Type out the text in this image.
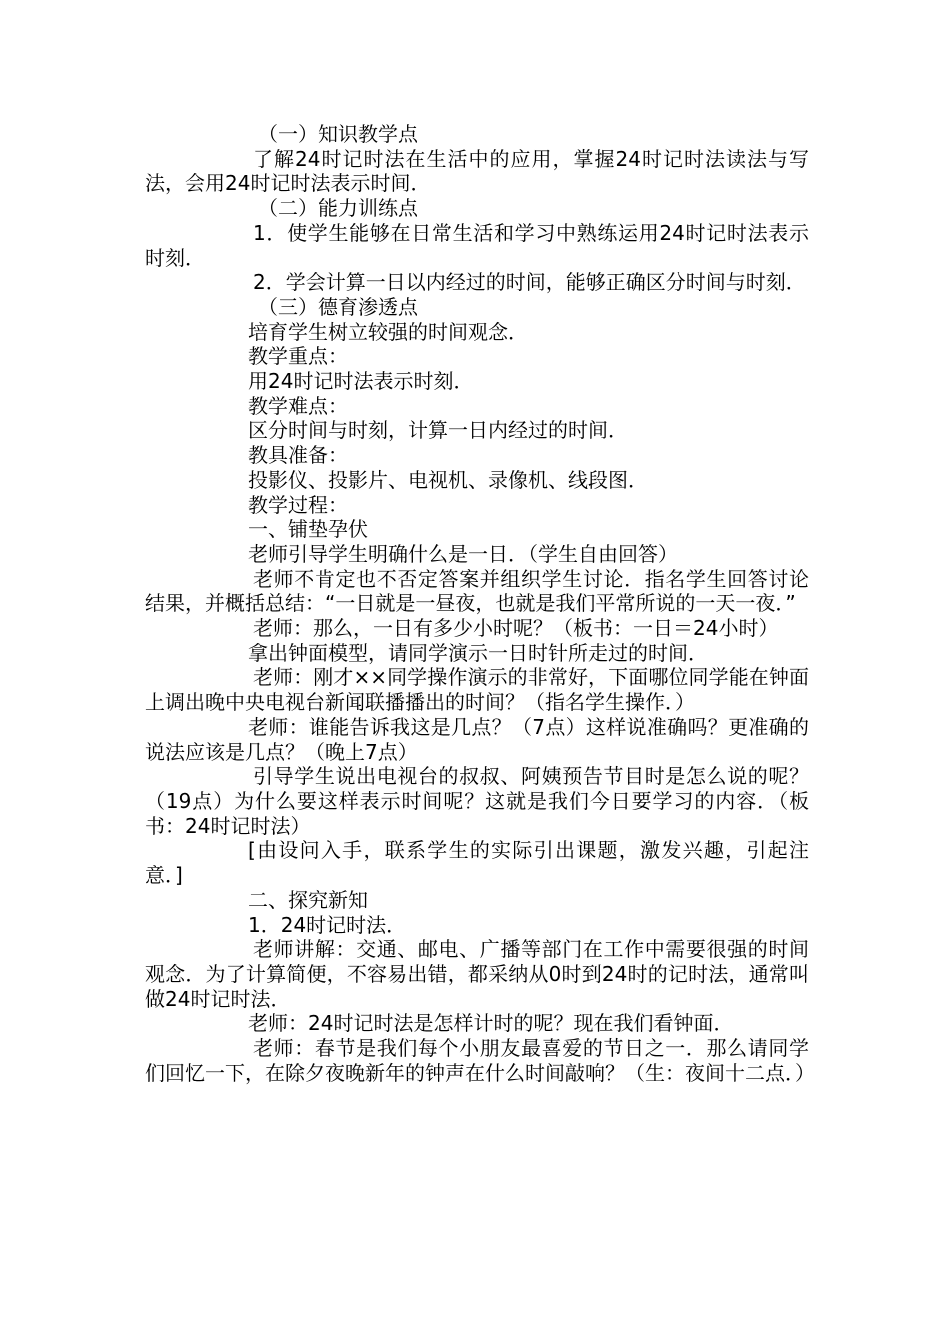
（一）知识教学点

了解24时记时法在生活中的应用，掌握24时记时法读法与写法，会用24时记时法表示时间．

（二）能力训练点

1．使学生能够在日常生活和学习中熟练运用24时记时法表示时刻．

2．学会计算一日以内经过的时间，能够正确区分时间与时刻．

（三）德育渗透点

培育学生树立较强的时间观念．

教学重点：

用24时记时法表示时刻．

教学难点：

区分时间与时刻，计算一日内经过的时间．

教具准备：

投影仪、投影片、电视机、录像机、线段图．

教学过程：

一、铺垫孕伏

老师引导学生明确什么是一日．（学生自由回答）

老师不肯定也不否定答案并组织学生讨论．指名学生回答讨论结果，并概括总结：“一日就是一昼夜，也就是我们平常所说的一天一夜．”

老师：那么，一日有多少小时呢？（板书：一日＝24小时）

拿出钟面模型，请同学演示一日时针所走过的时间．

老师：刚才××同学操作演示的非常好，下面哪位同学能在钟面上调出晚中央电视台新闻联播播出的时间？（指名学生操作．）

老师：谁能告诉我这是几点？（7点）这样说准确吗？更准确的说法应该是几点？（晚上7点）

引导学生说出电视台的叔叔、阿姨预告节目时是怎么说的呢？（19点）为什么要这样表示时间呢？这就是我们今日要学习的内容．（板书：24时记时法）

[由设问入手，联系学生的实际引出课题，激发兴趣，引起注意．]

二、探究新知

1．24时记时法．

老师讲解：交通、邮电、广播等部门在工作中需要很强的时间观念．为了计算简便，不容易出错，都采纳从0时到24时的记时法，通常叫做24时记时法．

老师：24时记时法是怎样计时的呢？现在我们看钟面．

老师：春节是我们每个小朋友最喜爱的节日之一．那么请同学们回忆一下，在除夕夜晚新年的钟声在什么时间敲响？（生：夜间十二点．）
